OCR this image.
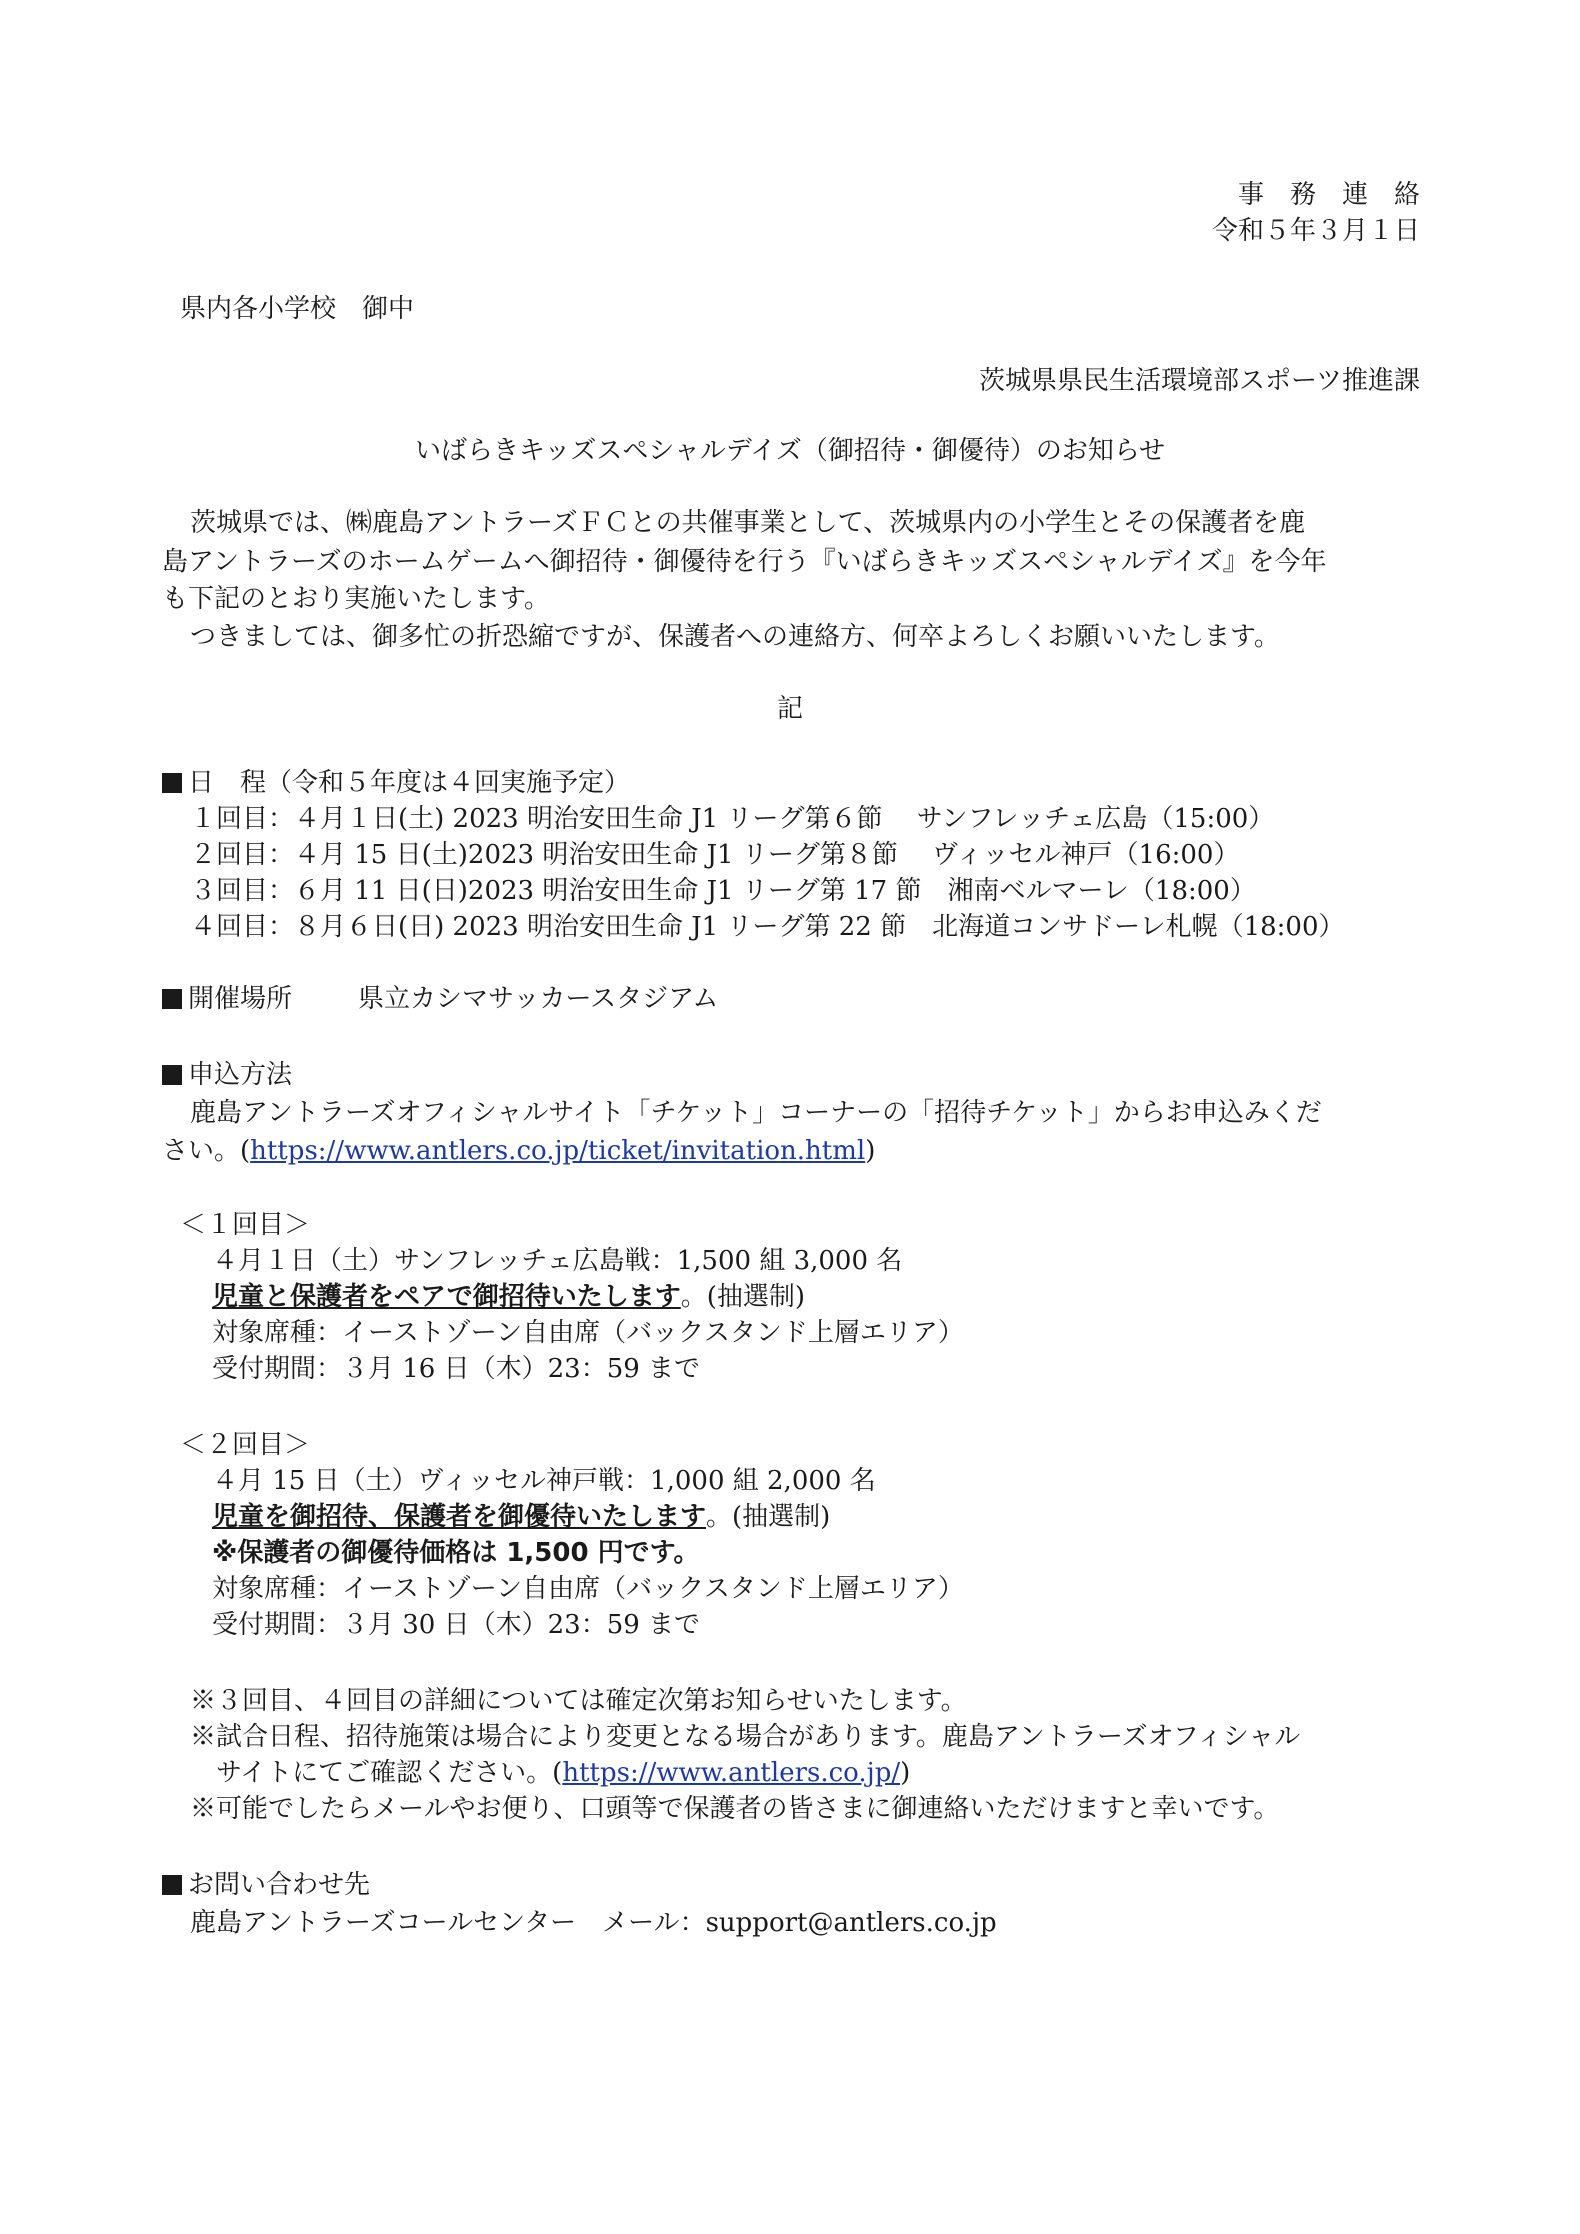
事　務　連　絡
令和５年３月１日
県内各小学校　御中
茨城県県民生活環境部スポーツ推進課
いばらきキッズスペシャルデイズ（御招待・御優待）のお知らせ
茨城県では、㈱鹿島アントラーズＦＣとの共催事業として、茨城県内の小学生とその保護者を鹿
島アントラーズのホームゲームへ御招待・御優待を行う『いばらきキッズスペシャルデイズ』を今年
も下記のとおり実施いたします。
つきましては、御多忙の折恐縮ですが、保護者への連絡方、何卒よろしくお願いいたします。
記
日　程（令和５年度は４回実施予定）
１回目：４月１日(土) 2023 明治安田生命 J1 リーグ第６節　 サンフレッチェ広島（15:00）
２回目：４月 15 日(土)2023 明治安田生命 J1 リーグ第８節　 ヴィッセル神戸（16:00）
３回目：６月 11 日(日)2023 明治安田生命 J1 リーグ第 17 節　湘南ベルマーレ（18:00）
４回目：８月６日(日) 2023 明治安田生命 J1 リーグ第 22 節　北海道コンサドーレ札幌（18:00）
開催場所	県立カシマサッカースタジアム
申込方法
鹿島アントラーズオフィシャルサイト「チケット」コーナーの「招待チケット」からお申込みくだ
さい。(https://www.antlers.co.jp/ticket/invitation.html)
＜１回目＞
４月１日（土）サンフレッチェ広島戦：1,500 組 3,000 名
児童と保護者をペアで御招待いたします。(抽選制)
対象席種：イーストゾーン自由席（バックスタンド上層エリア）
受付期間：３月 16 日（木）23：59 まで
＜２回目＞
４月 15 日（土）ヴィッセル神戸戦：1,000 組 2,000 名
児童を御招待、保護者を御優待いたします。(抽選制)
※保護者の御優待価格は 1,500 円です。
対象席種：イーストゾーン自由席（バックスタンド上層エリア）
受付期間：３月 30 日（木）23：59 まで
※３回目、４回目の詳細については確定次第お知らせいたします。
※試合日程、招待施策は場合により変更となる場合があります。鹿島アントラーズオフィシャル
サイトにてご確認ください。(https://www.antlers.co.jp/)
※可能でしたらメールやお便り、口頭等で保護者の皆さまに御連絡いただけますと幸いです。
お問い合わせ先
鹿島アントラーズコールセンター　メール：support@antlers.co.jp
